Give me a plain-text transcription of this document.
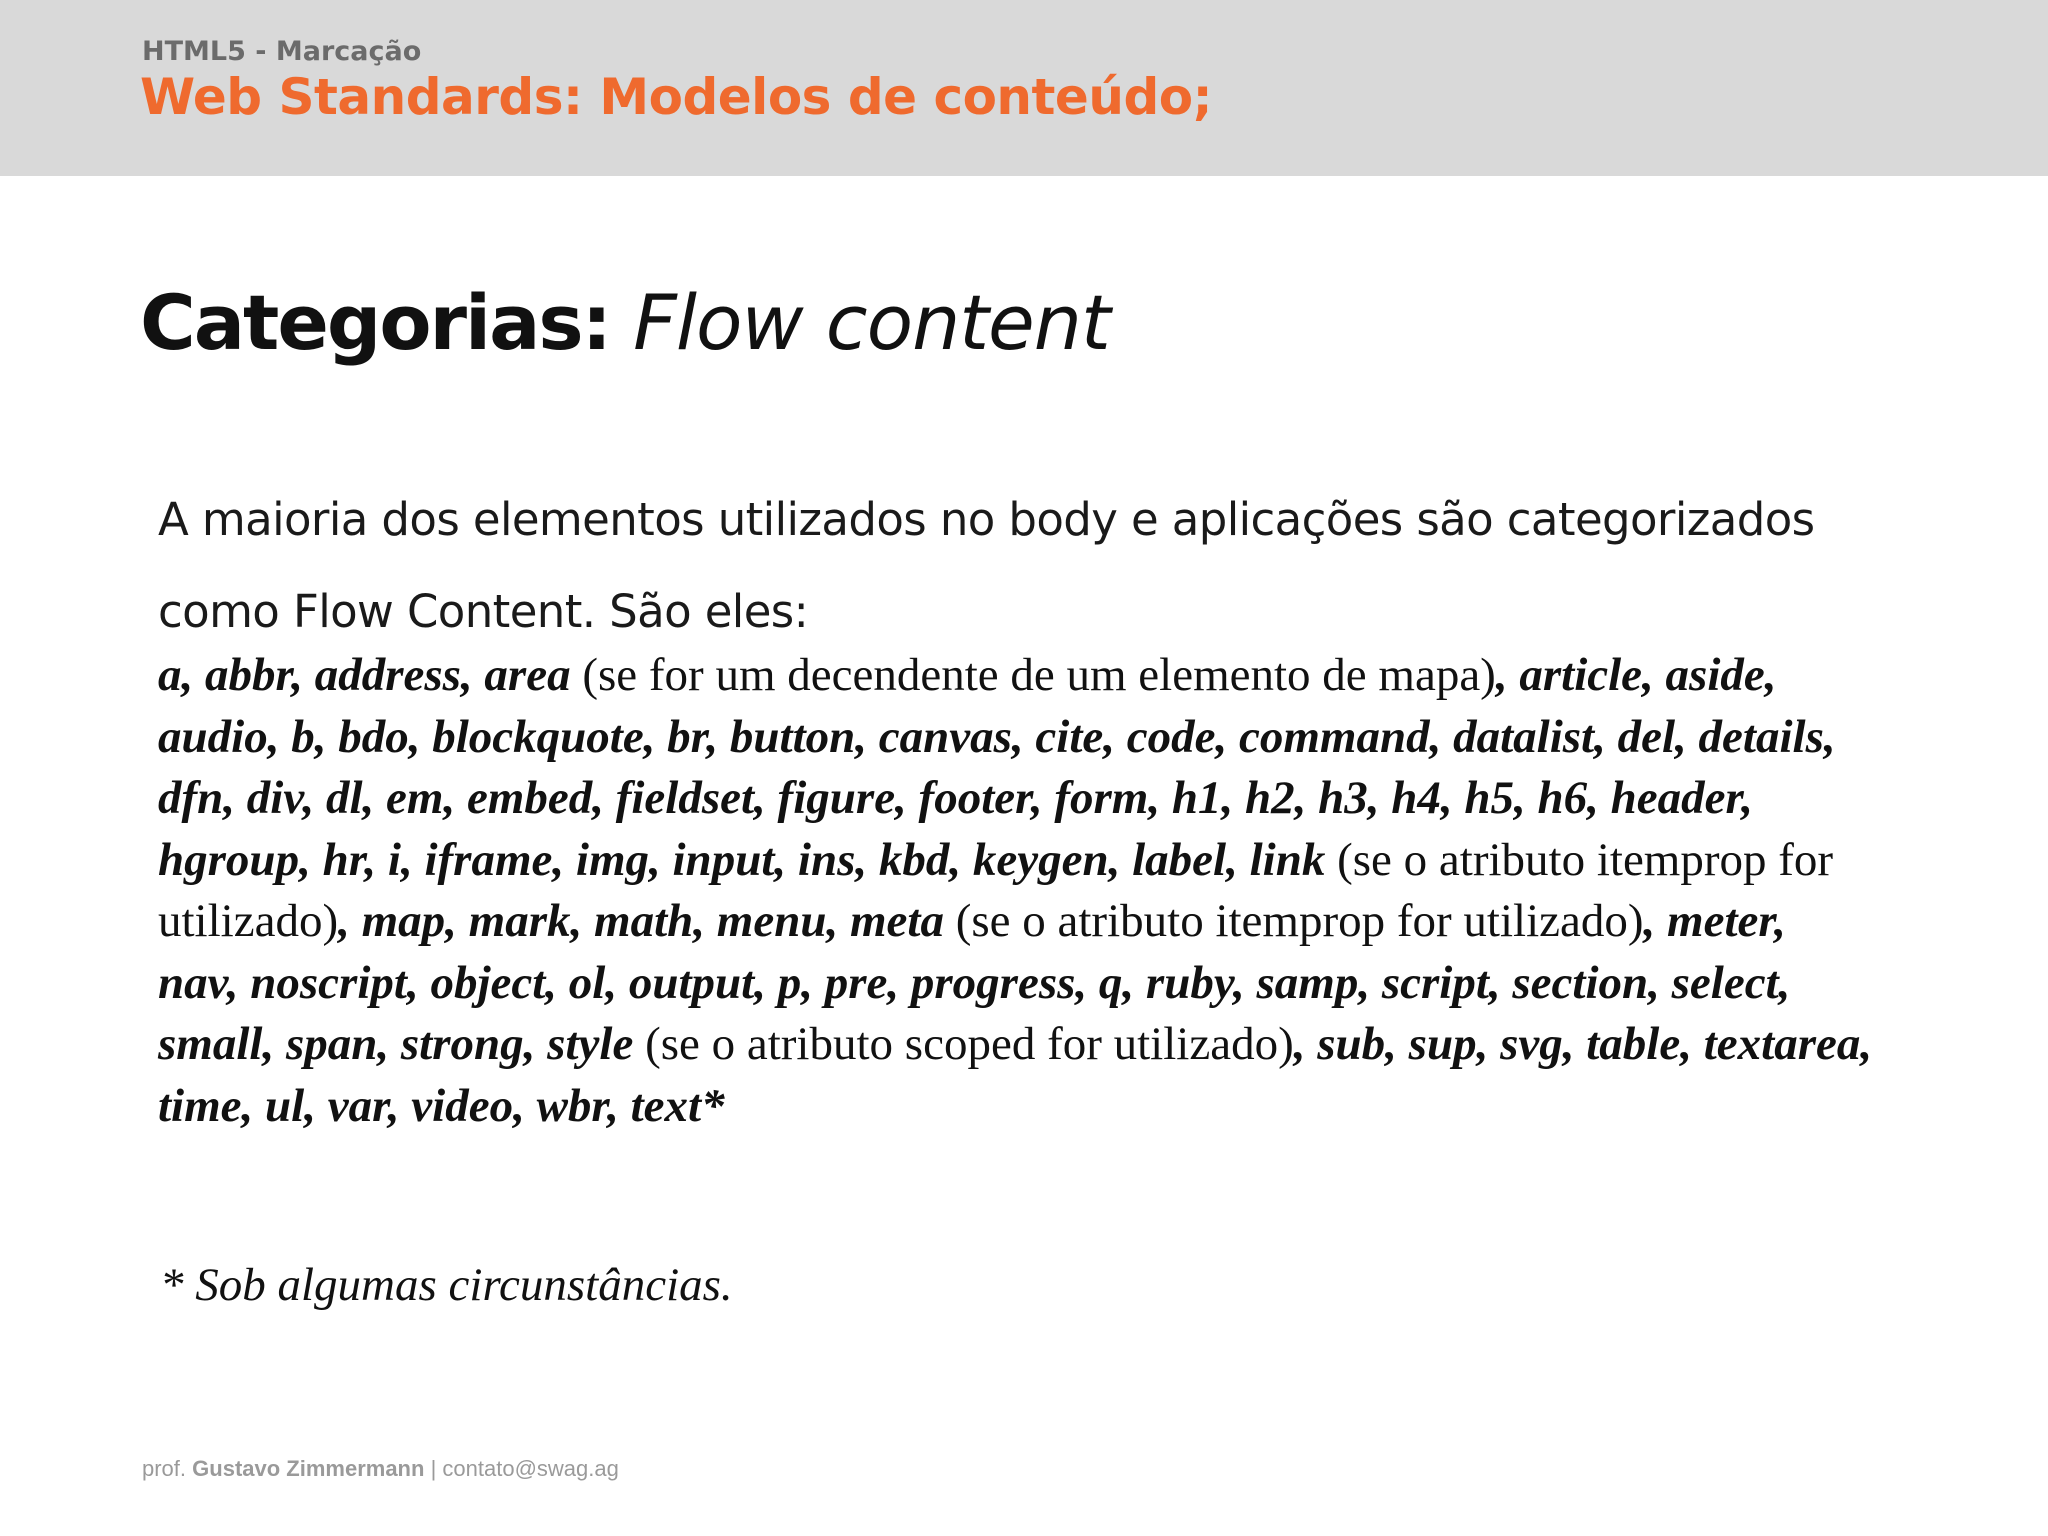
HTML5 - Marcação
Web Standards: Modelos de conteúdo;
Categorias: Flow content
A maioria dos elementos utilizados no body e aplicações são categorizados como Flow Content. São eles:
a, abbr, address, area (se for um decendente de um elemento de mapa), article, aside, audio, b, bdo, blockquote, br, button, canvas, cite, code, command, datalist, del, details, dfn, div, dl, em, embed, fieldset, figure, footer, form, h1, h2, h3, h4, h5, h6, header, hgroup, hr, i, iframe, img, input, ins, kbd, keygen, label, link (se o atributo itemprop for utilizado), map, mark, math, menu, meta (se o atributo itemprop for utilizado), meter, nav, noscript, object, ol, output, p, pre, progress, q, ruby, samp, script, section, select, small, span, strong, style (se o atributo scoped for utilizado), sub, sup, svg, table, textarea, time, ul, var, video, wbr, text*
* Sob algumas circunstâncias.
prof. Gustavo Zimmermann | contato@swag.ag
